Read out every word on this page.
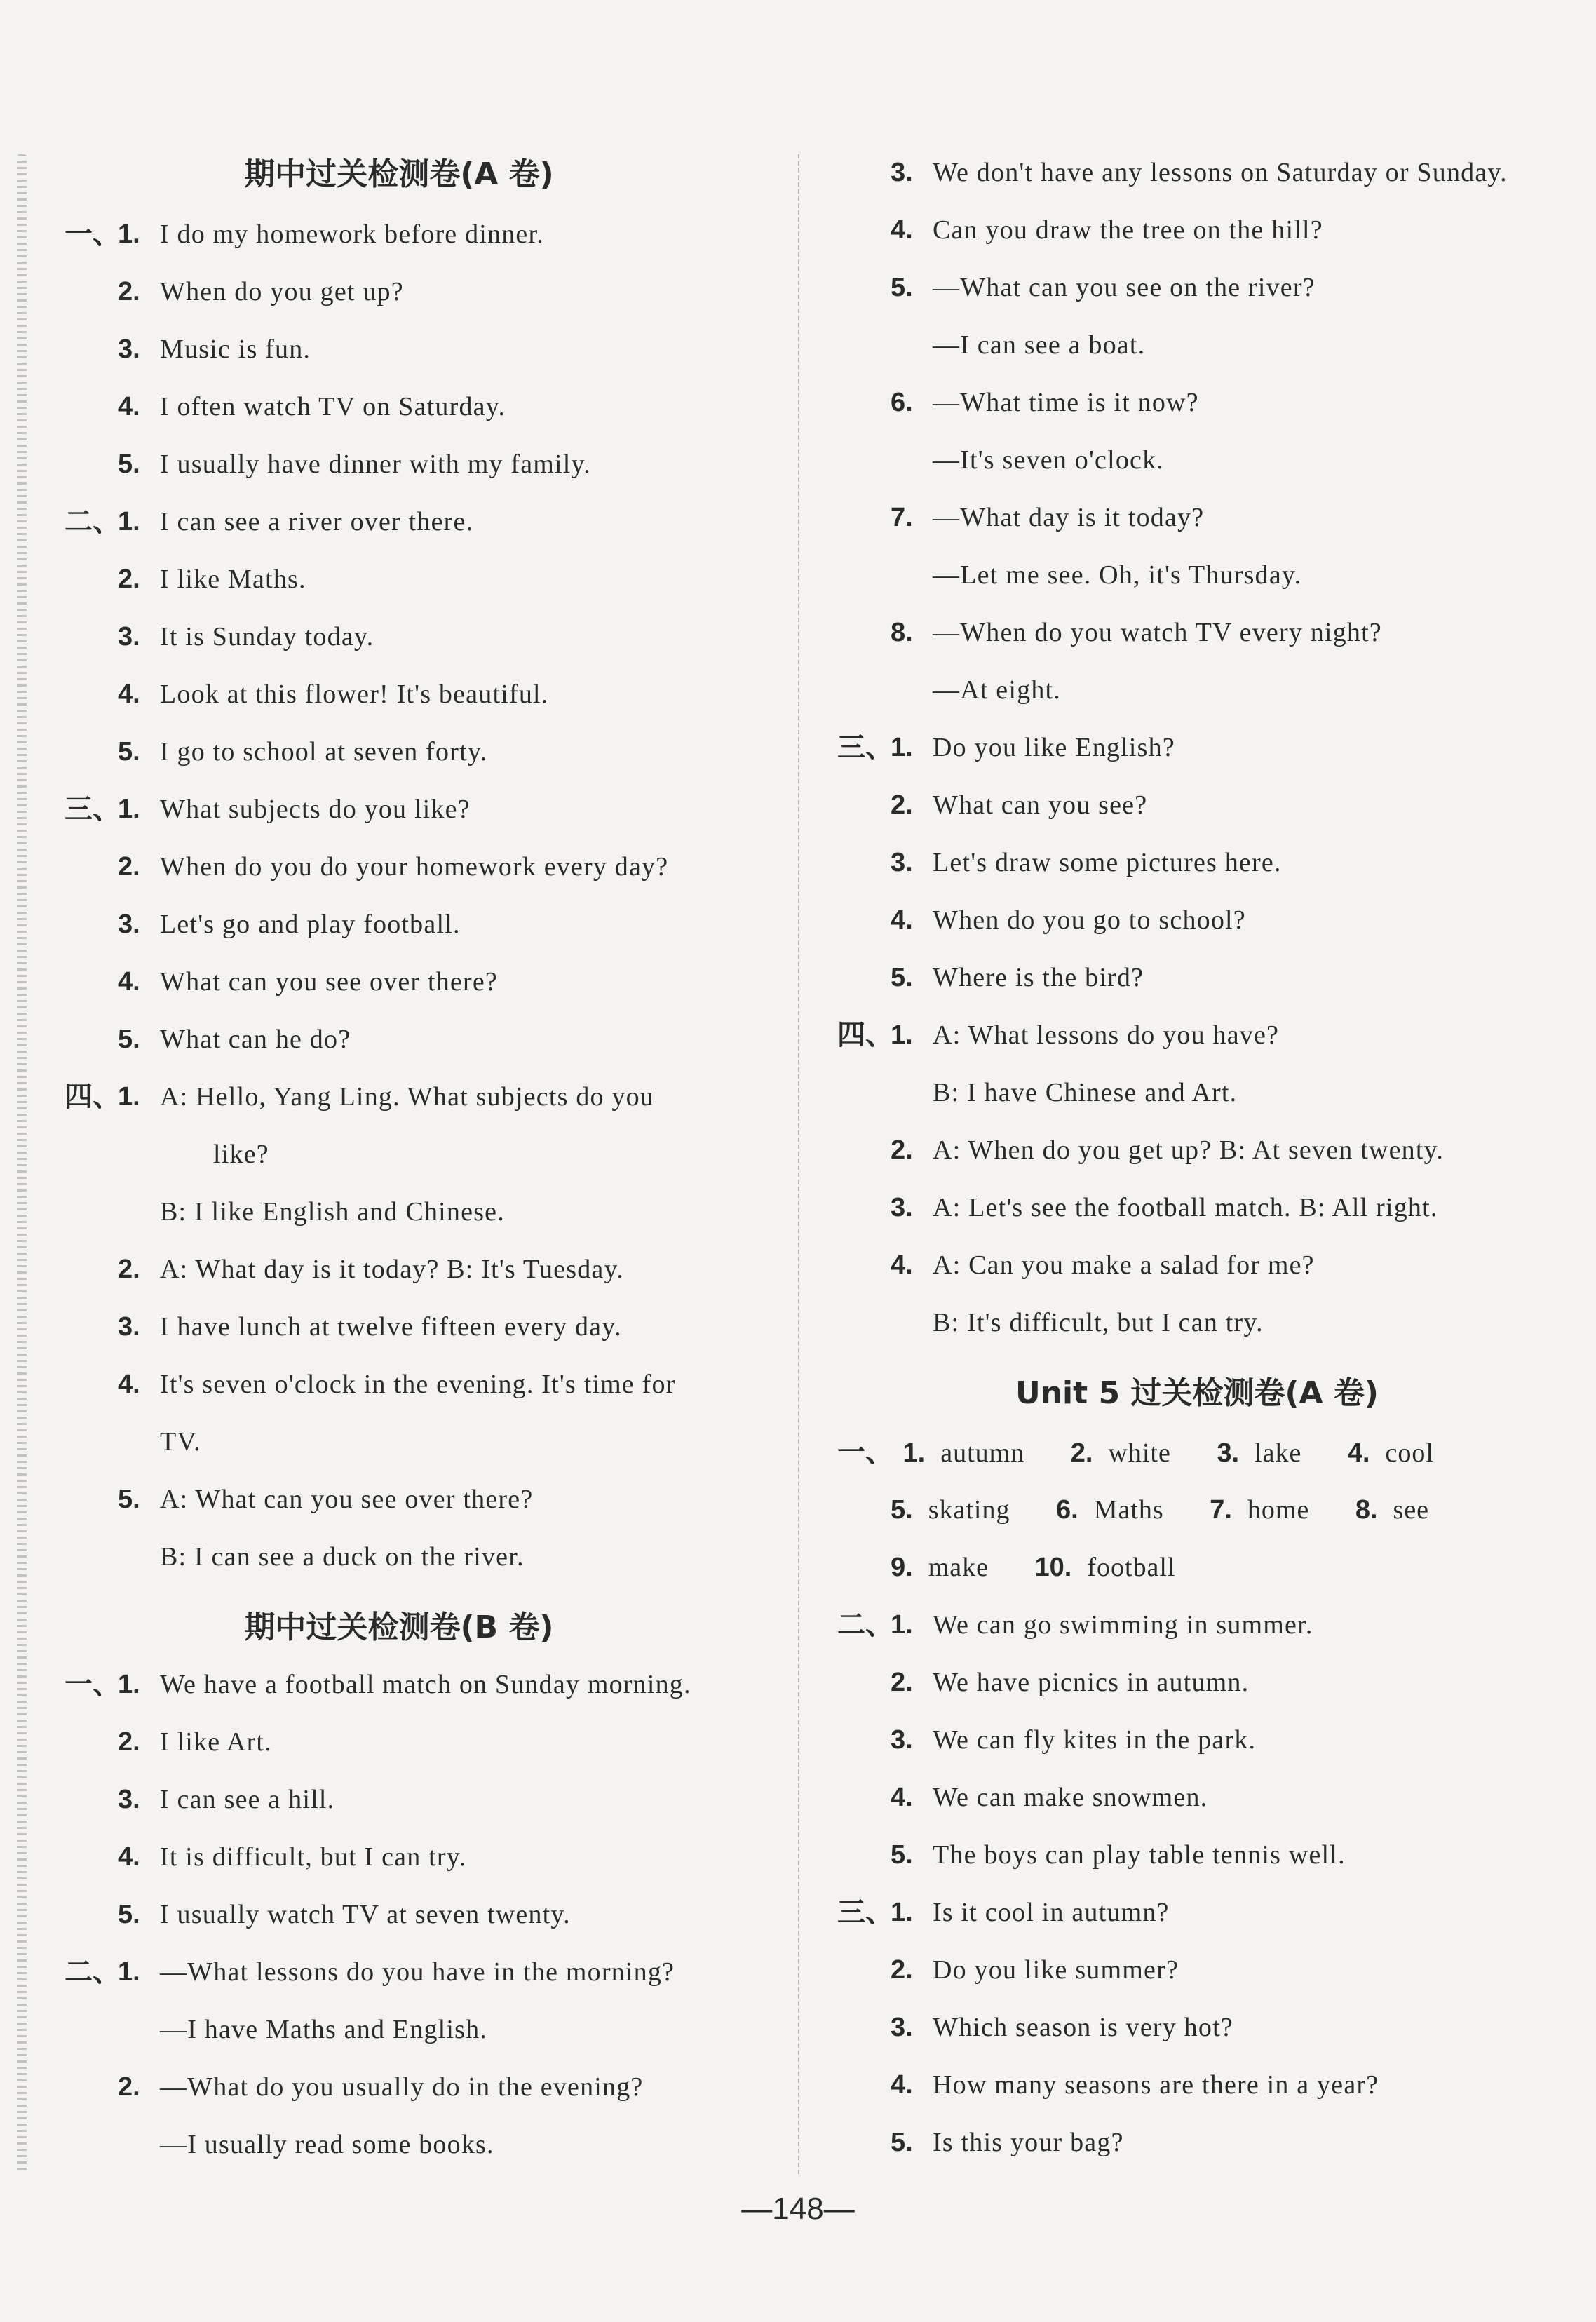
期中过关检测卷(A 卷)
一、
1. I do my homework before dinner.
2. When do you get up?
3. Music is fun.
4. I often watch TV on Saturday.
5. I usually have dinner with my family.
二、
1. I can see a river over there.
2. I like Maths.
3. It is Sunday today.
4. Look at this flower! It's beautiful.
5. I go to school at seven forty.
三、
1. What subjects do you like?
2. When do you do your homework every day?
3. Let's go and play football.
4. What can you see over there?
5. What can he do?
四、
1. A: Hello, Yang Ling. What subjects do you
like?
B: I like English and Chinese.
2. A: What day is it today? B: It's Tuesday.
3. I have lunch at twelve fifteen every day.
4. It's seven o'clock in the evening. It's time for
TV.
5. A: What can you see over there?
B: I can see a duck on the river.
期中过关检测卷(B 卷)
一、
1. We have a football match on Sunday morning.
2. I like Art.
3. I can see a hill.
4. It is difficult, but I can try.
5. I usually watch TV at seven twenty.
二、
1. —What lessons do you have in the morning?
—I have Maths and English.
2. —What do you usually do in the evening?
—I usually read some books.
3. We don't have any lessons on Saturday or Sunday.
4. Can you draw the tree on the hill?
5. —What can you see on the river?
—I can see a boat.
6. —What time is it now?
—It's seven o'clock.
7. —What day is it today?
—Let me see. Oh, it's Thursday.
8. —When do you watch TV every night?
—At eight.
三、
1. Do you like English?
2. What can you see?
3. Let's draw some pictures here.
4. When do you go to school?
5. Where is the bird?
四、
1. A: What lessons do you have?
B: I have Chinese and Art.
2. A: When do you get up? B: At seven twenty.
3. A: Let's see the football match. B: All right.
4. A: Can you make a salad for me?
B: It's difficult, but I can try.
Unit 5 过关检测卷(A 卷)
一、 1. autumn 2. white 3. lake 4. cool
5. skating 6. Maths 7. home 8. see
9. make 10. football
二、
1. We can go swimming in summer.
2. We have picnics in autumn.
3. We can fly kites in the park.
4. We can make snowmen.
5. The boys can play table tennis well.
三、
1. Is it cool in autumn?
2. Do you like summer?
3. Which season is very hot?
4. How many seasons are there in a year?
5. Is this your bag?
—148—
